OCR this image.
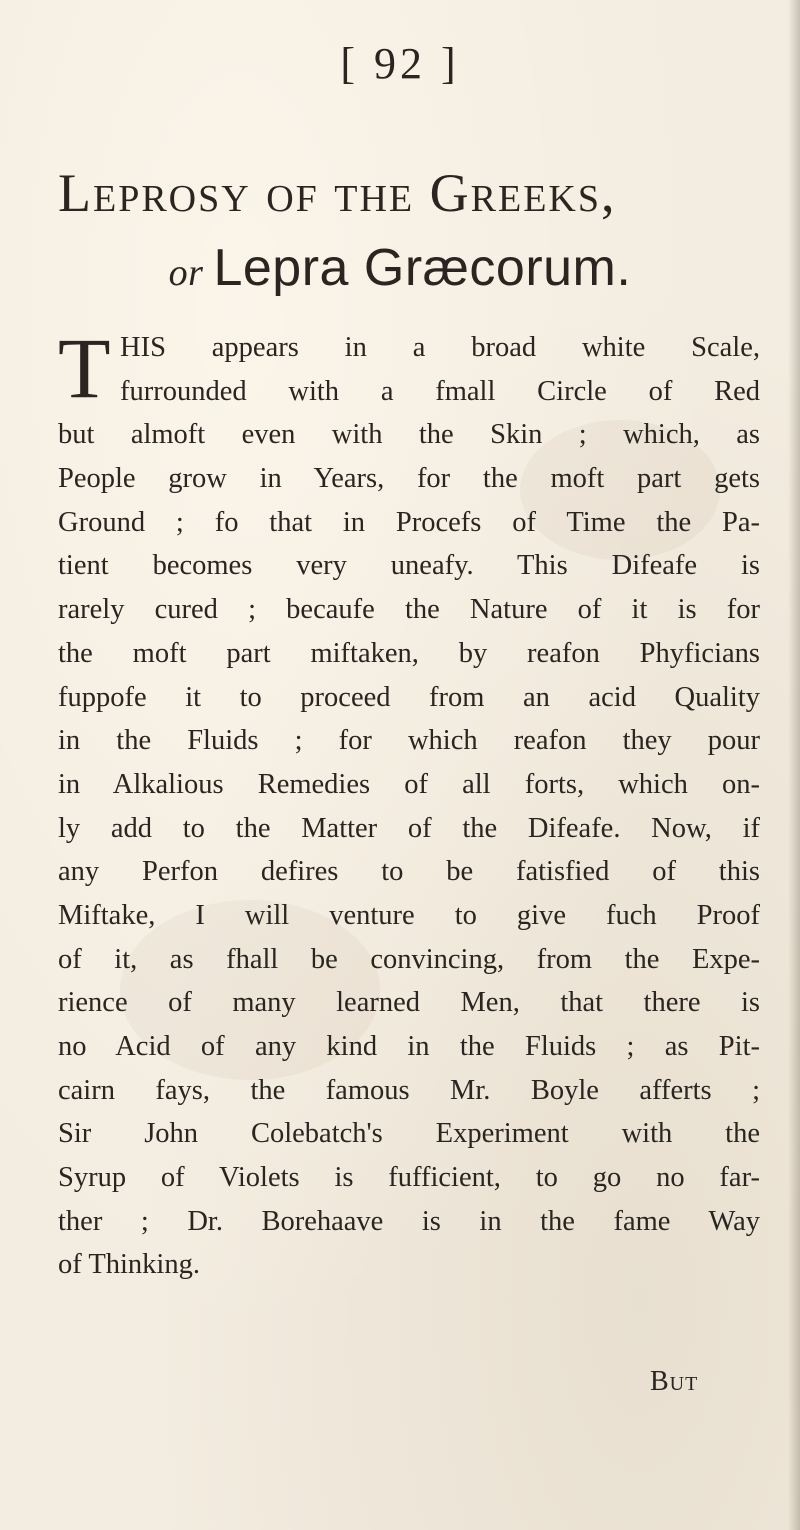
[ 92 ]
Leprosy of the Greeks,
or Lepra Græcorum.
T HIS appears in a broad white Scale,
furrounded with a fmall Circle of Red
but almoft even with the Skin ; which, as
People grow in Years, for the moft part gets
Ground ; fo that in Procefs of Time the Pa-
tient becomes very uneafy. This Difeafe is
rarely cured ; becaufe the Nature of it is for
the moft part miftaken, by reafon Phyficians
fuppofe it to proceed from an acid Quality
in the Fluids ; for which reafon they pour
in Alkalious Remedies of all forts, which on-
ly add to the Matter of the Difeafe. Now, if
any Perfon defires to be fatisfied of this
Miftake, I will venture to give fuch Proof
of it, as fhall be convincing, from the Expe-
rience of many learned Men, that there is
no Acid of any kind in the Fluids ; as Pit-
cairn fays, the famous Mr. Boyle afferts ;
Sir John Colebatch's Experiment with the
Syrup of Violets is fufficient, to go no far-
ther ; Dr. Borehaave is in the fame Way
of Thinking.
But
